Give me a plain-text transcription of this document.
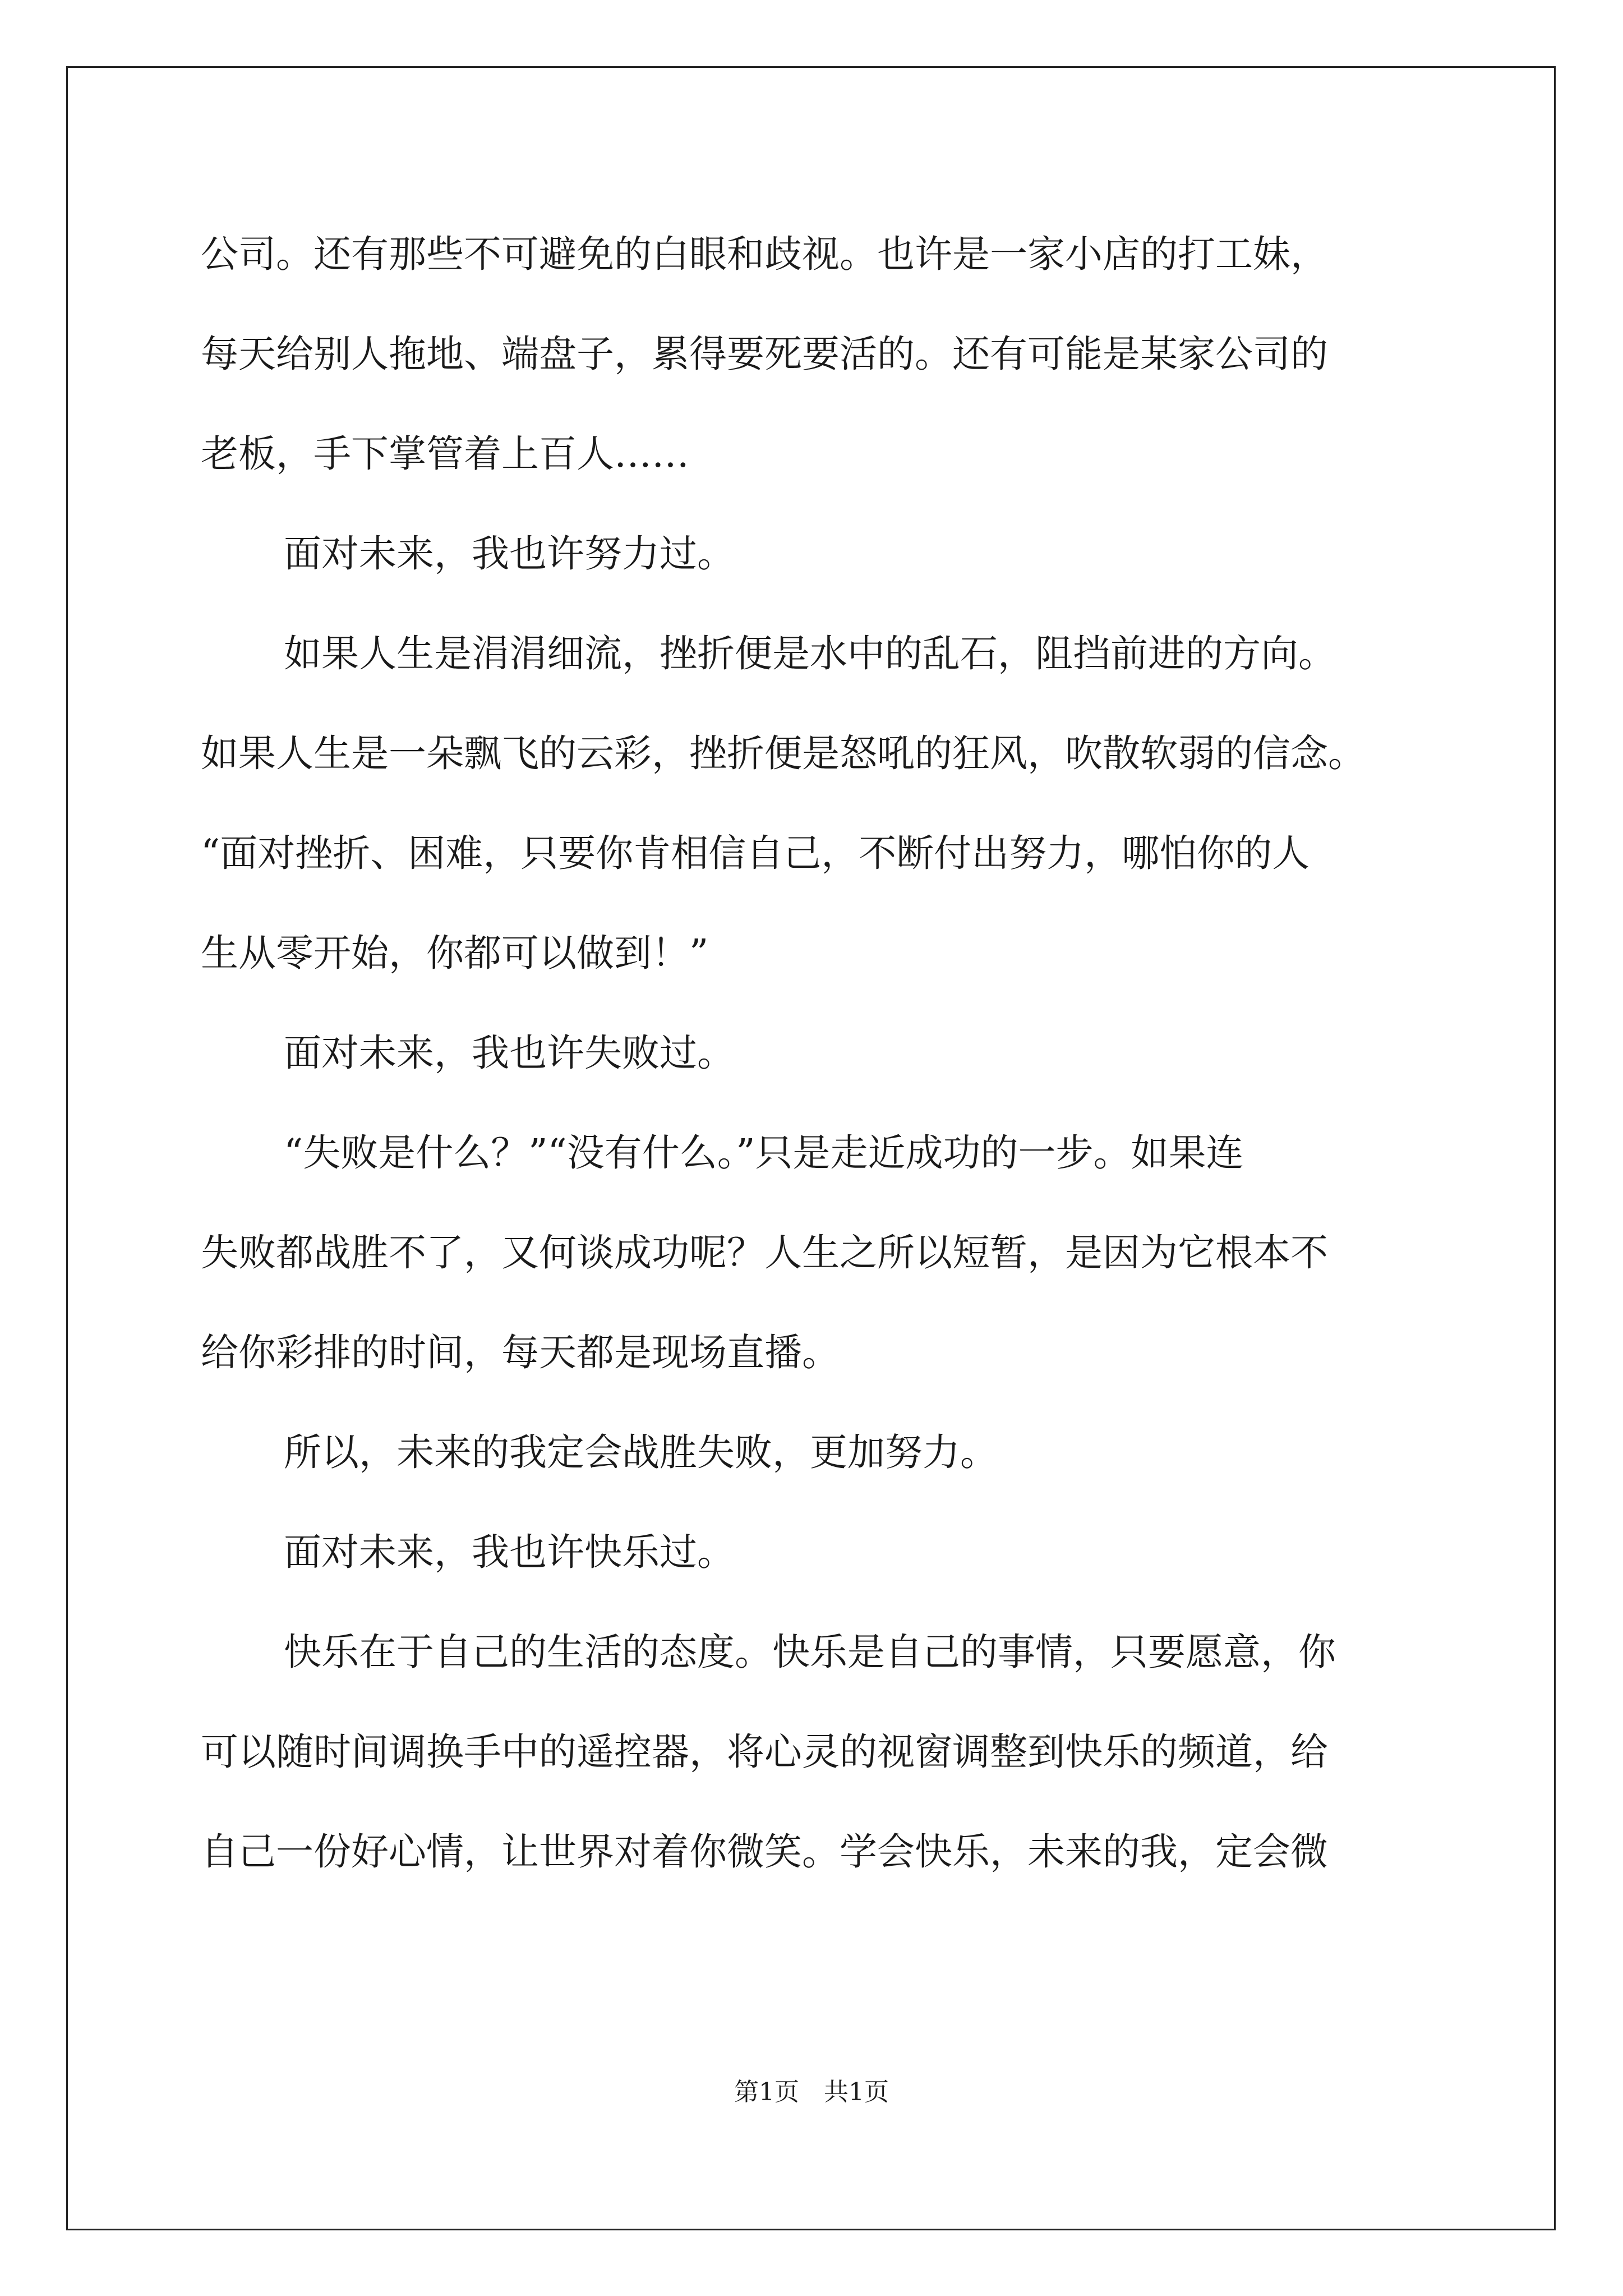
公司。还有那些不可避免的白眼和歧视。也许是一家小店的打工妹，
每天给别人拖地、端盘子，累得要死要活的。还有可能是某家公司的
老板，手下掌管着上百人……
面对未来，我也许努力过。
如果人生是涓涓细流，挫折便是水中的乱石，阻挡前进的方向。
如果人生是一朵飘飞的云彩，挫折便是怒吼的狂风，吹散软弱的信念。
“面对挫折、困难，只要你肯相信自己，不断付出努力，哪怕你的人
生从零开始，你都可以做到！”
面对未来，我也许失败过。
“失败是什么？”“没有什么。”只是走近成功的一步。如果连
失败都战胜不了，又何谈成功呢？人生之所以短暂，是因为它根本不
给你彩排的时间，每天都是现场直播。
所以，未来的我定会战胜失败，更加努力。
面对未来，我也许快乐过。
快乐在于自己的生活的态度。快乐是自己的事情，只要愿意，你
可以随时间调换手中的遥控器，将心灵的视窗调整到快乐的频道，给
自己一份好心情，让世界对着你微笑。学会快乐，未来的我，定会微
第1页　共1页
